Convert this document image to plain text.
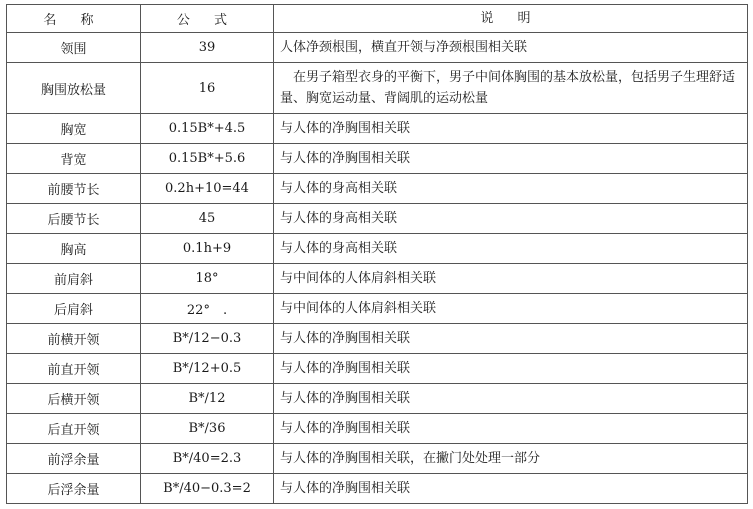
名 称	公 式	说 明
领围	39	人体净颈根围，横直开领与净颈根围相关联
胸围放松量	16	在男子箱型衣身的平衡下，男子中间体胸围的基本放松量，包括男子生理舒适量、胸宽运动量、背阔肌的运动松量
胸宽	0.15B*+4.5	与人体的净胸围相关联
背宽	0.15B*+5.6	与人体的净胸围相关联
前腰节长	0.2h+10=44	与人体的身高相关联
后腰节长	45	与人体的身高相关联
胸高	0.1h+9	与人体的身高相关联
前肩斜	18°	与中间体的人体肩斜相关联
后肩斜	22°　.	与中间体的人体肩斜相关联
前横开领	B*/12−0.3	与人体的净胸围相关联
前直开领	B*/12+0.5	与人体的净胸围相关联
后横开领	B*/12	与人体的净胸围相关联
后直开领	B*/36	与人体的净胸围相关联
前浮余量	B*/40=2.3	与人体的净胸围相关联，在撇门处处理一部分
后浮余量	B*/40−0.3=2	与人体的净胸围相关联
